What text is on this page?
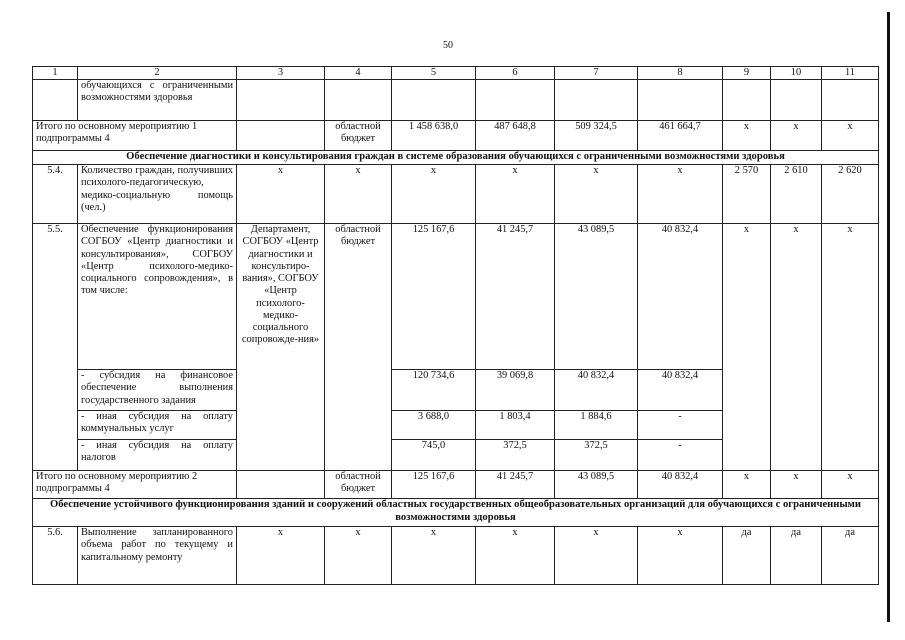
50
1	2	3	4	5	6	7	8	9	10	11
	обучающихся с ограниченными возможностями здоровья									
Итого по основному мероприятию 1 подпрограммы 4			областной бюджет	1 458 638,0	487 648,8	509 324,5	461 664,7	x	x	x
Обеспечение диагностики и консультирования граждан в системе образования обучающихся с ограниченными возможностями здоровья										
5.4.	Количество граждан, получивших психолого-педагогическую, медико-социальную помощь (чел.)	х	х	х	х	х	х	2 570	2 610	2 620
5.5.	Обеспечение функционирования СОГБОУ «Центр диагностики и консультирования», СОГБОУ «Центр психолого-медико-социального сопровождения», в том числе:	Департамент, СОГБОУ «Центр диагностики и консультиро-вания», СОГБОУ «Центр психолого-медико-социального сопровожде-ния»	областной бюджет	125 167,6	41 245,7	43 089,5	40 832,4	x	x	x
	- субсидия на финансовое обеспечение выполнения государственного задания			120 734,6	39 069,8	40 832,4	40 832,4			
	- иная субсидия на оплату коммунальных услуг			3 688,0	1 803,4	1 884,6	-			
	- иная субсидия на оплату налогов			745,0	372,5	372,5	-			
Итого по основному мероприятию 2 подпрограммы 4			областной бюджет	125 167,6	41 245,7	43 089,5	40 832,4	x	x	x
Обеспечение устойчивого функционирования зданий и сооружений областных государственных общеобразовательных организаций для обучающихся с ограниченными возможностями здоровья										
5.6.	Выполнение запланированного объема работ по текущему и капитальному ремонту	х	х	х	х	х	х	да	да	да
